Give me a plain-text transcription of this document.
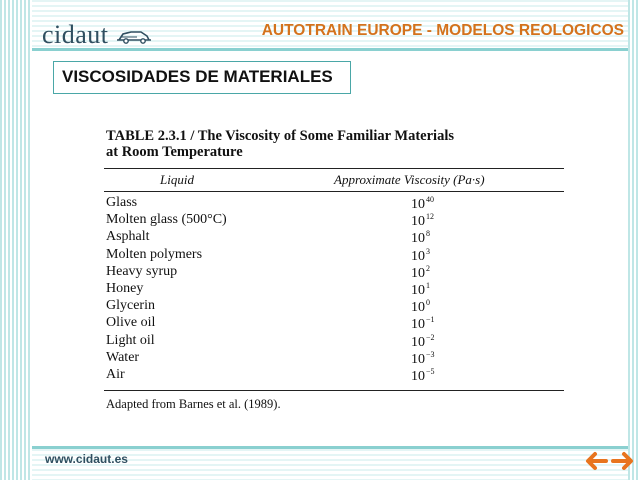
cidaut	AUTOTRAIN EUROPE - MODELOS REOLOGICOS
VISCOSIDADES DE MATERIALES
TABLE 2.3.1 / The Viscosity of Some Familiar Materials
at Room Temperature
Liquid	Approximate Viscosity (Pa·s)
Glass	$10^{40}$
Molten glass (500°C)	$10^{12}$
Asphalt	$10^8$
Molten polymers	$10^3$
Heavy syrup	$10^2$
Honey	$10^1$
Glycerin	$10^0$
Olive oil	$10^{-1}$
Light oil	$10^{-2}$
Water	$10^{-3}$
Air	$10^{-5}$
Adapted from Barnes et al. (1989).
www.cidaut.es
